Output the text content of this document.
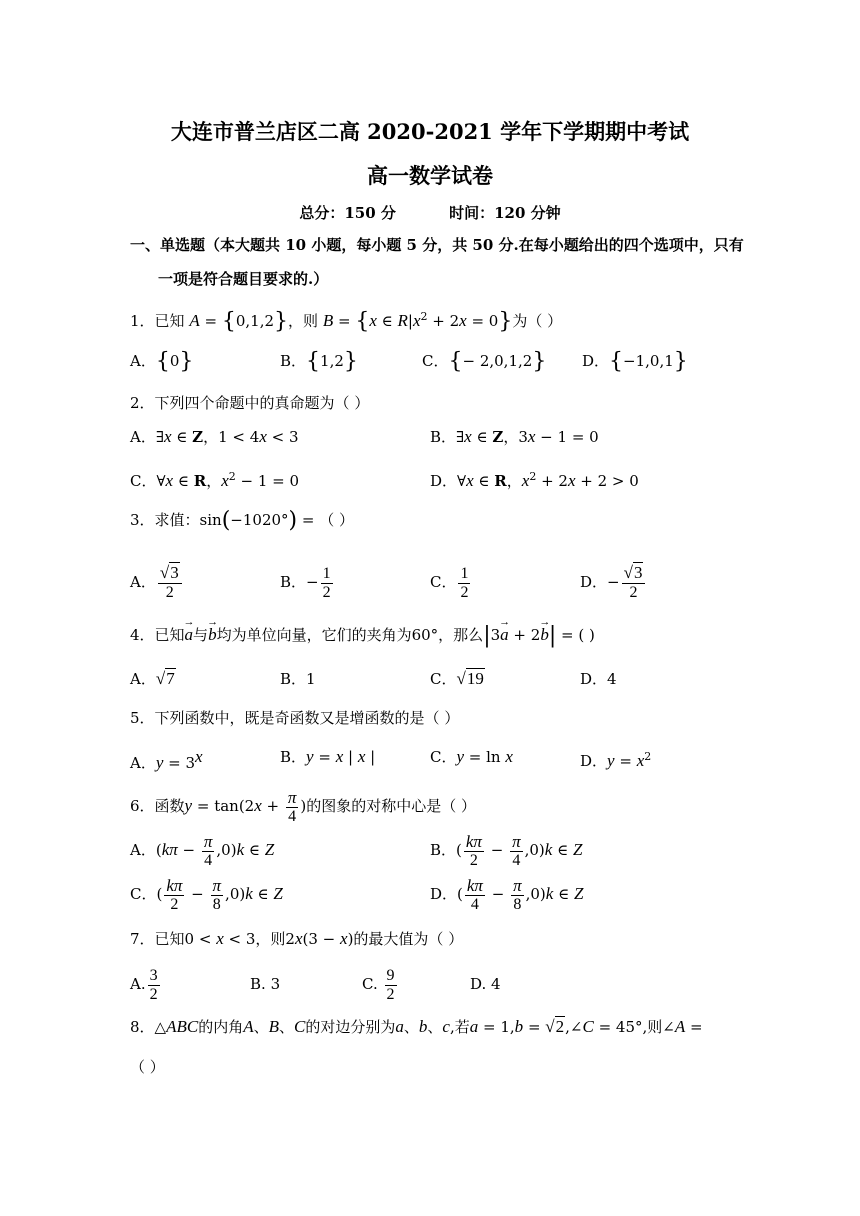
大连市普兰店区二高 2020-2021 学年下学期期中考试
高一数学试卷
总分：150 分	时间：120 分钟
一、单选题（本大题共 10 小题，每小题 5 分，共 50 分.在每小题给出的四个选项中，只有
一项是符合题目要求的.）
1．已知 A = {0,1,2}，则 B = {x ∈ $R|x^2 + 2x = 0$}为（ ）
A．{0}	B．{1,2}	C．{− 2,0,1,2} D．{−1,0,1}
2．下列四个命题中的真命题为（ ）
A．∃x ∈ Z，1 < 4x < 3	B．∃x ∈ Z，3x − 1 = 0
C．∀x ∈ R，$x^2 - 1 = 0$	D．∀x ∈ R，$x^2 + 2x + 2 > 0$
3．求值：sin(−1020°) = （ ）
A． $\frac{√3}{2}$	B．− $\frac{1}{2}$	C． $\frac{1}{2}$	D．− $\frac{√3}{2}$
4．已知→ a与→ b均为单位向量，它们的夹角为60°，那么|3→ a + 2→ b| = ( )
A．√7	B．1	C．√19	D．4
5．下列函数中，既是奇函数又是增函数的是（ ）
A．$y = 3^x$	B．y = x | x |	C．y = ln x	D．$y = x^2$
6．函数$y = \tan(2x + \frac{\pi}{4}$ )的图象的对称中心是（ ）
A．$(k\pi - \frac{\pi}{4} ,0)k$ ∈ Z	B．( $\frac{k\pi}{2} - \frac{\pi}{4} ,0)k$ ∈ Z
C．( $\frac{k\pi}{2} - \frac{\pi}{8} ,0)k$ ∈ Z	D．( $\frac{k\pi}{4} - \frac{\pi}{8} ,0)k$ ∈ Z
7．已知0 < x < 3，则2x(3 − x)的最大值为（ ）
A. $\frac{3}{2}$	B. 3	C. $\frac{9}{2}$	D. 4
8．△ABC的内角A、B、C的对边分别为a、b、c,若a = 1,b = √2,∠C = 45°,则∠A =
（ ）
